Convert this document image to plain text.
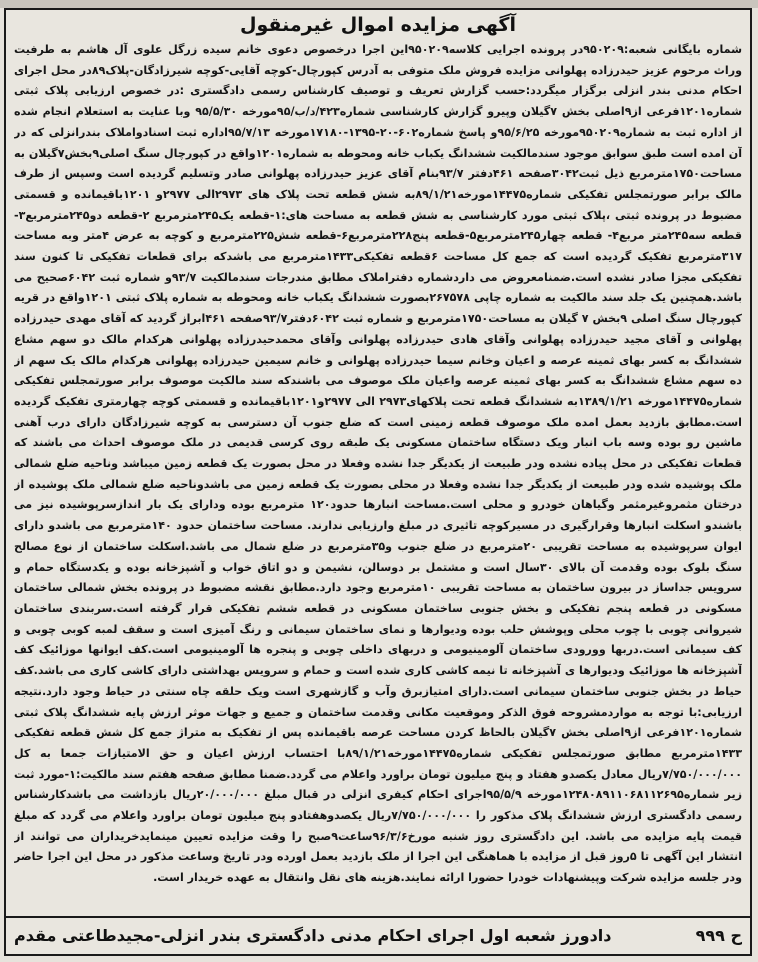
آگهی مزایده اموال غیرمنقول
شماره بایگانی شعبه:۹۵۰۲۰۹در پرونده اجرایی کلاسه۹۵۰۲۰۹این اجرا درخصوص دعوی خانم سیده زرگل علوی آل هاشم به طرفیت وراث مرحوم عزیز حیدرزاده پهلوانی مزایده فروش ملک متوفی به آدرس کپورچال-کوچه آقایی-کوچه شیرزادگان-پلاک۸۹در محل اجرای احکام مدنی بندر انزلی برگزار میگردد:حسب گزارش تعریف و توصیف کارشناس رسمی دادگستری :در خصوص ارزیابی پلاک ثبتی شماره۱۲۰۱فرعی از۹اصلی بخش ۷گیلان وپیرو گزارش کارشناسی شماره۴۲۳/د/ب/۹۵مورخه ۹۵/۵/۳۰ وبا عنایت به استعلام انجام شده از اداره ثبت به شماره۹۵۰۲۰۹مورخه ۹۵/۶/۲۵و پاسخ شماره۶۰۲-۲۰-۱۳۹۵-۱۷۱۸۰مورخه ۹۵/۷/۱۳اداره ثبت اسنادواملاک بندرانزلی که در آن امده است طبق سوابق موجود سندمالکیت ششدانگ یکباب خانه ومحوطه به شماره۱۲۰۱واقع در کپورچال سنگ اصلی۹بخش۷گیلان به مساحت۱۷۵۰مترمربع ذیل ثبت۳۰۴۲صفحه ۴۶۱دفتر ۹۳/۷بنام آقای عزیز حیدرزاده پهلوانی صادر وتسلیم گردیده است وسپس از طرف مالک برابر صورتمجلس تفکیکی شماره۱۴۴۷۵مورخه۸۹/۱/۲۱به شش قطعه تحت پلاک های ۲۹۷۳الی ۲۹۷۷و ۱۲۰۱باقیمانده و قسمتی مضبوط در پرونده ثبتی ،پلاک ثبتی مورد کارشناسی به شش قطعه به مساحت های:۱-قطعه یک۲۴۵مترمربع ۲-قطعه دو۲۴۵مترمربع۳-قطعه سه۲۴۵متر مربع۴- قطعه چهار۲۴۵مترمربع۵-قطعه پنج۲۲۸مترمربع۶-قطعه شش۲۲۵مترمربع و کوچه به عرض ۴متر وبه مساحت ۳۱۷مترمربع تفکیک گردیده است که جمع کل مساحت ۶قطعه تفکیکی۱۴۳۳مترمربع می باشدکه برای قطعات تفکیکی تا کنون سند تفکیکی مجزا صادر نشده است.ضمنامعروض می داردشماره دفتراملاک مطابق مندرجات سندمالکیت ۹۳/۷و شماره ثبت ۶۰۴۲صحیح می باشد.همچنین یک جلد سند مالکیت به شماره چاپی ۲۶۷۵۷۸بصورت ششدانگ یکباب خانه ومحوطه به شماره پلاک ثبتی ۱۲۰۱واقع در قریه کپورچال سنگ اصلی ۹بخش ۷ گیلان به مساحت۱۷۵۰مترمربع و شماره ثبت ۶۰۴۲دفتر۹۳/۷صفحه ۴۶۱ابراز گردید که آقای مهدی حیدرزاده پهلوانی و آقای مجید حیدرزاده پهلوانی وآقای هادی حیدرزاده پهلوانی وآقای محمدحیدرزاده پهلوانی هرکدام مالک دو سهم مشاع ششدانگ به کسر بهای ثمینه عرصه و اعیان وخانم سیما حیدرزاده پهلوانی و خانم سیمین حیدرزاده پهلوانی هرکدام مالک یک سهم از ده سهم مشاع ششدانگ به کسر بهای ثمینه عرصه واعیان ملک موصوف می باشندکه سند مالکیت موصوف برابر صورتمجلس تفکیکی شماره۱۴۴۷۵مورخه ۱۳۸۹/۱/۲۱به ششدانگ قطعه تحت پلاکهای۲۹۷۳ الی ۲۹۷۷و۱۲۰۱باقیمانده و قسمتی کوچه چهارمتری تفکیک گردیده است.مطابق بازدید بعمل امده ملک موصوف قطعه زمینی است که ضلع جنوب آن دسترسی به کوچه شیرزادگان دارای درب آهنی ماشین رو بوده وسه باب انبار ویک دستگاه ساختمان مسکونی یک طبقه روی کرسی قدیمی در ملک موصوف احداث می باشند که قطعات تفکیکی در محل پیاده نشده ودر طبیعت از یکدیگر جدا نشده وفعلا در محل بصورت یک قطعه زمین میباشد وناحیه ضلع شمالی ملک پوشیده شده ودر طبیعت از یکدیگر جدا نشده وفعلا در محلی بصورت یک قطعه زمین می باشدوناحیه ضلع شمالی ملک پوشیده از درختان مثمروغیرمثمر وگیاهان خودرو و محلی است.مساحت انبارها حدود۱۲۰ مترمربع بوده ودارای یک بار اندازسرپوشیده نیز می باشندو اسکلت انبارها وقرارگیری در مسیرکوچه تاثیری در مبلغ وارزیابی ندارند. مساحت ساختمان حدود ۱۴۰مترمربع می باشدو دارای ایوان سرپوشیده به مساحت تقریبی ۲۰مترمربع در ضلع جنوب و۳۵مترمربع در ضلع شمال می باشد.اسکلت ساختمان از نوع مصالح سنگ بلوک بوده وقدمت آن بالای ۳۰سال است و مشتمل بر دوسالن، نشیمن و دو اتاق خواب و آشپزخانه بوده و یکدستگاه حمام و سرویس جداساز در بیرون ساختمان به مساحت تقریبی ۱۰مترمربع وجود دارد.مطابق نقشه مضبوط در پرونده بخش شمالی ساختمان مسکونی در قطعه پنجم تفکیکی و بخش جنوبی ساختمان مسکونی در قطعه ششم تفکیکی قرار گرفته است.سربندی ساختمان شیروانی چوبی با چوب محلی وپوشش حلب بوده ودیوارها و نمای ساختمان سیمانی و رنگ آمیزی است و سقف لمبه کوبی چوبی و کف سیمانی است.دربها وورودی ساختمان آلومینیومی و دربهای داخلی چوبی و پنجره ها آلومینیومی است.کف ایوانها موزائیک کف آشپزخانه ها موزائیک ودیوارها ی آشپزخانه تا نیمه کاشی کاری شده است و حمام و سرویس بهداشتی دارای کاشی کاری می باشد.کف حیاط در بخش جنوبی ساختمان سیمانی است.دارای امتیازبرق وآب و گازشهری است ویک حلقه چاه سنتی در حیاط وجود دارد.نتیجه ارزیابی:با توجه به مواردمشروحه فوق الذکر وموقعیت مکانی وقدمت ساختمان و جمیع و جهات موثر ارزش پایه ششدانگ پلاک ثبتی شماره۱۲۰۱فرعی از۹اصلی بخش ۷گیلان بالحاظ کردن مساحت عرصه باقیمانده پس از تفکیک به متراژ جمع کل شش قطعه تفکیکی ۱۴۳۳مترمربع مطابق صورتمجلس تفکیکی شماره۱۴۴۷۵مورخه۸۹/۱/۲۱با احتساب ارزش اعیان و حق الامتیازات جمعا به کل ۷/۷۵۰/۰۰۰/۰۰۰ریال معادل یکصدو هفتاد و پنج میلیون تومان براورد واعلام می گردد.ضمنا مطابق صفحه هفتم سند مالکیت:۱-مورد ثبت زیر شماره۱۲۴۸۰۸۹۱۱۰۶۸۱۱۲۶۹۵مورخه ۹۵/۵/۹اجرای احکام کیفری انزلی در قبال مبلغ ۲۰/۰۰۰/۰۰۰ریال بازداشت می باشدکارشناس رسمی دادگستری ارزش ششدانگ پلاک مذکور را ۷/۷۵۰/۰۰۰/۰۰۰ریال یکصدوهفتادو پنج میلیون تومان براورد واعلام می گردد که مبلغ قیمت پایه مزایده می باشد. این دادگستری روز شنبه مورخ۹۶/۳/۶ساعت۹صبح را وقت مزایده تعیین مینمایدخریداران می توانند از انتشار این آگهی تا ۵روز قبل از مزایده با هماهنگی این اجرا از ملک بازدید بعمل اورده ودر تاریخ وساعت مذکور در محل این اجرا حاضر ودر جلسه مزایده شرکت وپیشنهادات خودرا حضورا ارائه نمایند.هزینه های نقل وانتقال به عهده خریدار است.
ح ۹۹۹
دادورز شعبه اول اجرای احکام مدنی دادگستری بندر انزلی-مجیدطاعتی مقدم
